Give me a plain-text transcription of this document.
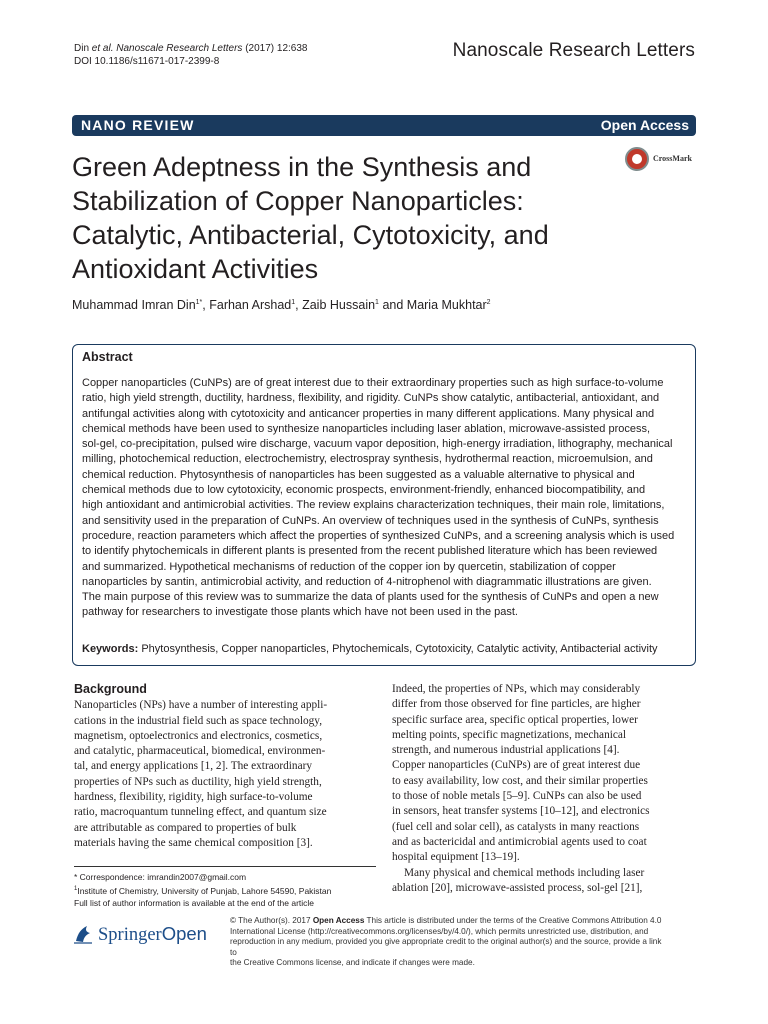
Din et al. Nanoscale Research Letters (2017) 12:638
DOI 10.1186/s11671-017-2399-8
Nanoscale Research Letters
NANO REVIEW	Open Access
CrossMark
Green Adeptness in the Synthesis and
Stabilization of Copper Nanoparticles:
Catalytic, Antibacterial, Cytotoxicity, and
Antioxidant Activities
Muhammad Imran Din$^{1*}$, Farhan Arshad$^1$, Zaib Hussain$^1$ and Maria Mukhtar$^2$
Abstract
Copper nanoparticles (CuNPs) are of great interest due to their extraordinary properties such as high surface-to-volume
ratio, high yield strength, ductility, hardness, flexibility, and rigidity. CuNPs show catalytic, antibacterial, antioxidant, and
antifungal activities along with cytotoxicity and anticancer properties in many different applications. Many physical and
chemical methods have been used to synthesize nanoparticles including laser ablation, microwave-assisted process,
sol-gel, co-precipitation, pulsed wire discharge, vacuum vapor deposition, high-energy irradiation, lithography, mechanical
milling, photochemical reduction, electrochemistry, electrospray synthesis, hydrothermal reaction, microemulsion, and
chemical reduction. Phytosynthesis of nanoparticles has been suggested as a valuable alternative to physical and
chemical methods due to low cytotoxicity, economic prospects, environment-friendly, enhanced biocompatibility, and
high antioxidant and antimicrobial activities. The review explains characterization techniques, their main role, limitations,
and sensitivity used in the preparation of CuNPs. An overview of techniques used in the synthesis of CuNPs, synthesis
procedure, reaction parameters which affect the properties of synthesized CuNPs, and a screening analysis which is used
to identify phytochemicals in different plants is presented from the recent published literature which has been reviewed
and summarized. Hypothetical mechanisms of reduction of the copper ion by quercetin, stabilization of copper
nanoparticles by santin, antimicrobial activity, and reduction of 4-nitrophenol with diagrammatic illustrations are given.
The main purpose of this review was to summarize the data of plants used for the synthesis of CuNPs and open a new
pathway for researchers to investigate those plants which have not been used in the past.
Keywords: Phytosynthesis, Copper nanoparticles, Phytochemicals, Cytotoxicity, Catalytic activity, Antibacterial activity
Background
Nanoparticles (NPs) have a number of interesting appli-
cations in the industrial field such as space technology,
magnetism, optoelectronics and electronics, cosmetics,
and catalytic, pharmaceutical, biomedical, environmen-
tal, and energy applications [1, 2]. The extraordinary
properties of NPs such as ductility, high yield strength,
hardness, flexibility, rigidity, high surface-to-volume
ratio, macroquantum tunneling effect, and quantum size
are attributable as compared to properties of bulk
materials having the same chemical composition [3].
Indeed, the properties of NPs, which may considerably
differ from those observed for fine particles, are higher
specific surface area, specific optical properties, lower
melting points, specific magnetizations, mechanical
strength, and numerous industrial applications [4].
Copper nanoparticles (CuNPs) are of great interest due
to easy availability, low cost, and their similar properties
to those of noble metals [5–9]. CuNPs can also be used
in sensors, heat transfer systems [10–12], and electronics
(fuel cell and solar cell), as catalysts in many reactions
and as bactericidal and antimicrobial agents used to coat
hospital equipment [13–19].
Many physical and chemical methods including laser
ablation [20], microwave-assisted process, sol-gel [21],
* Correspondence: imrandin2007@gmail.com
$^1$Institute of Chemistry, University of Punjab, Lahore 54590, Pakistan
Full list of author information is available at the end of the article
SpringerOpen
© The Author(s). 2017 Open Access This article is distributed under the terms of the Creative Commons Attribution 4.0
International License (http://creativecommons.org/licenses/by/4.0/), which permits unrestricted use, distribution, and
reproduction in any medium, provided you give appropriate credit to the original author(s) and the source, provide a link to
the Creative Commons license, and indicate if changes were made.
